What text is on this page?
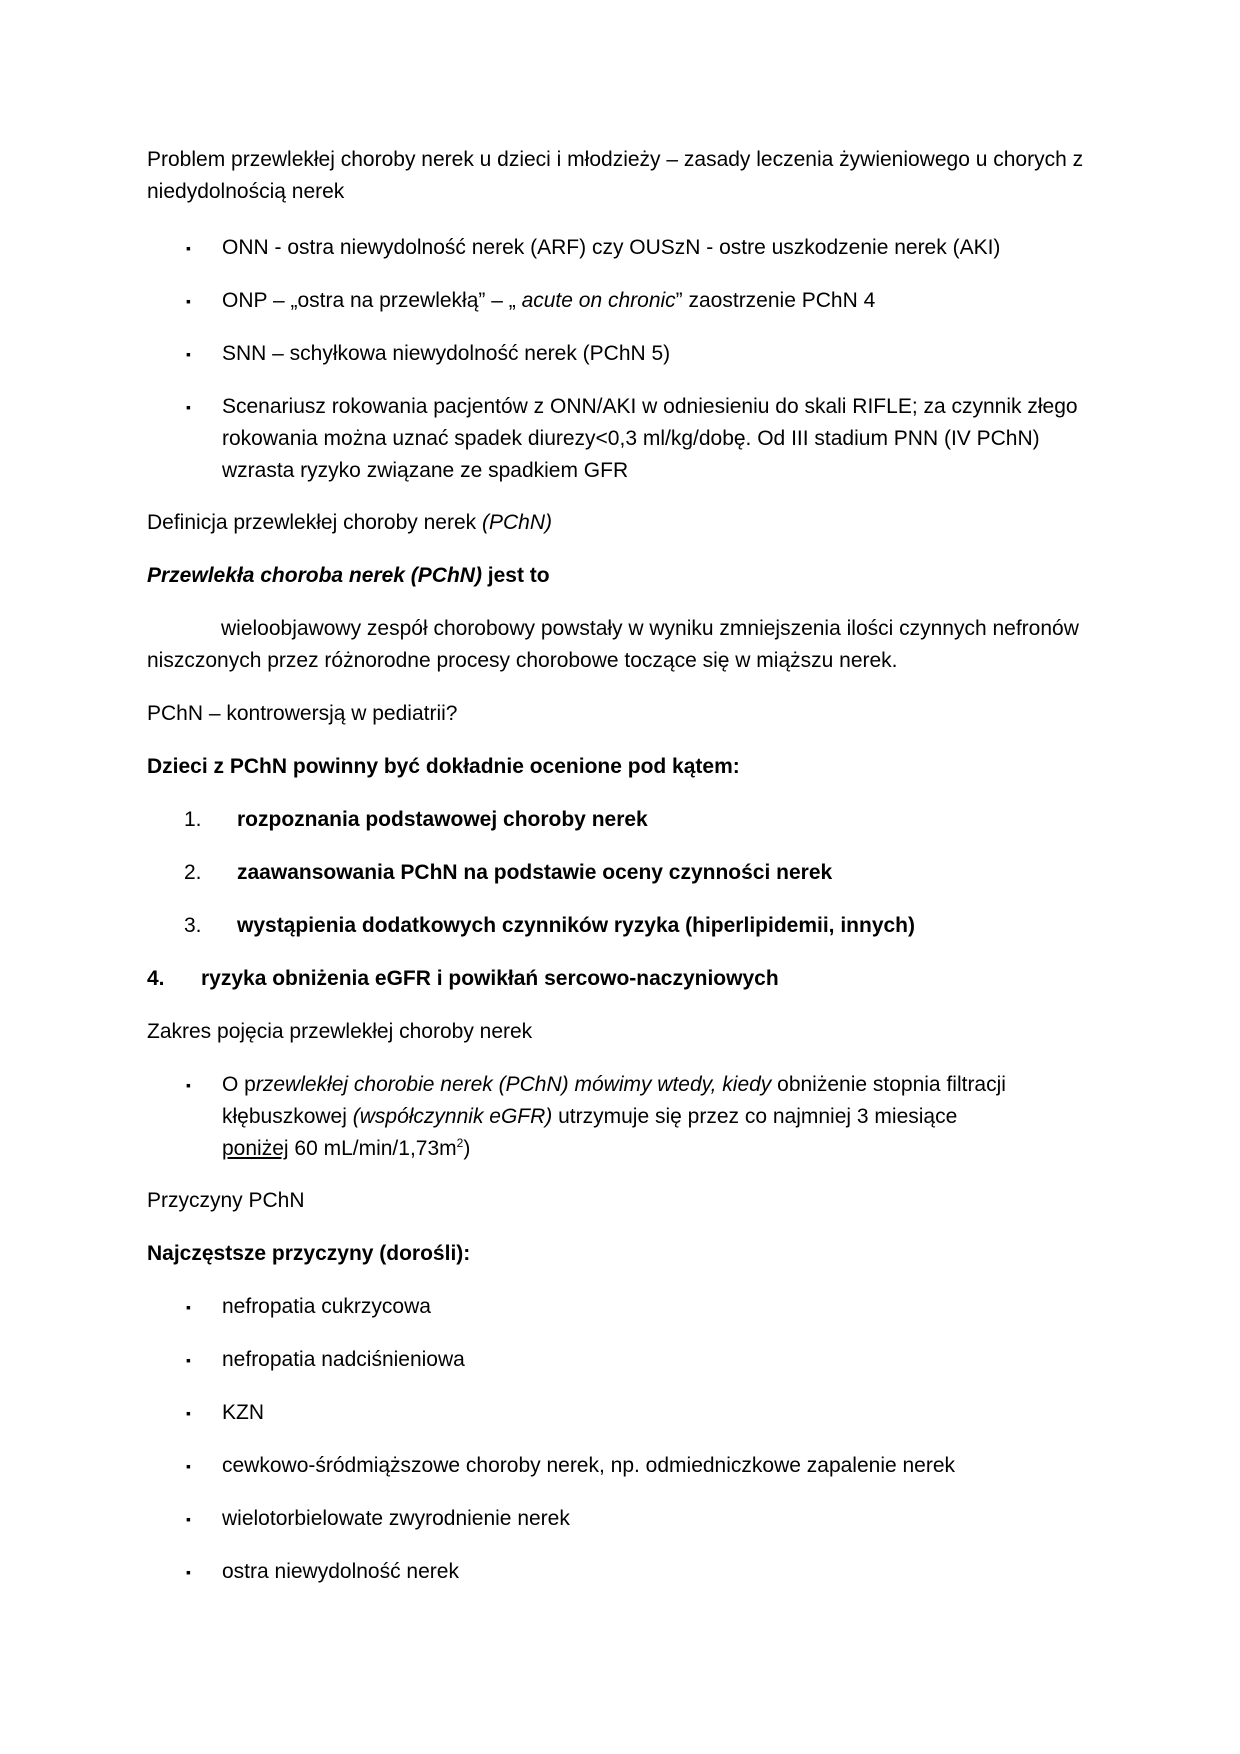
Problem przewlekłej choroby nerek u dzieci i młodzieży – zasady leczenia żywieniowego u chorych z
niedydolnością nerek
▪	ONN - ostra niewydolność nerek (ARF) czy OUSzN - ostre uszkodzenie nerek (AKI)
▪	ONP – „ostra na przewlekłą” – „ acute on chronic” zaostrzenie PChN 4
▪	SNN – schyłkowa niewydolność nerek (PChN 5)
▪	Scenariusz rokowania pacjentów z ONN/AKI w odniesieniu do skali RIFLE; za czynnik złego
rokowania można uznać spadek diurezy<0,3 ml/kg/dobę. Od III stadium PNN (IV PChN)
wzrasta ryzyko związane ze spadkiem GFR
Definicja przewlekłej choroby nerek (PChN)
Przewlekła choroba nerek (PChN) jest to
wieloobjawowy zespół chorobowy powstały w wyniku zmniejszenia ilości czynnych nefronów
niszczonych przez różnorodne procesy chorobowe toczące się w miąższu nerek.
PChN – kontrowersją w pediatrii?
Dzieci z PChN powinny być dokładnie ocenione pod kątem:
1. rozpoznania podstawowej choroby nerek
2. zaawansowania PChN na podstawie oceny czynności nerek
3. wystąpienia dodatkowych czynników ryzyka (hiperlipidemii, innych)
4. ryzyka obniżenia eGFR i powikłań sercowo-naczyniowych
Zakres pojęcia przewlekłej choroby nerek
▪	O przewlekłej chorobie nerek (PChN) mówimy wtedy, kiedy obniżenie stopnia filtracji
kłębuszkowej (współczynnik eGFR) utrzymuje się przez co najmniej 3 miesiące
poniżej 60 $mL/\min/1,73m^2$)
Przyczyny PChN
Najczęstsze przyczyny (dorośli):
▪	nefropatia cukrzycowa
▪	nefropatia nadciśnieniowa
▪	KZN
▪	cewkowo-śródmiąższowe choroby nerek, np. odmiedniczkowe zapalenie nerek
▪	wielotorbielowate zwyrodnienie nerek
▪	ostra niewydolność nerek
